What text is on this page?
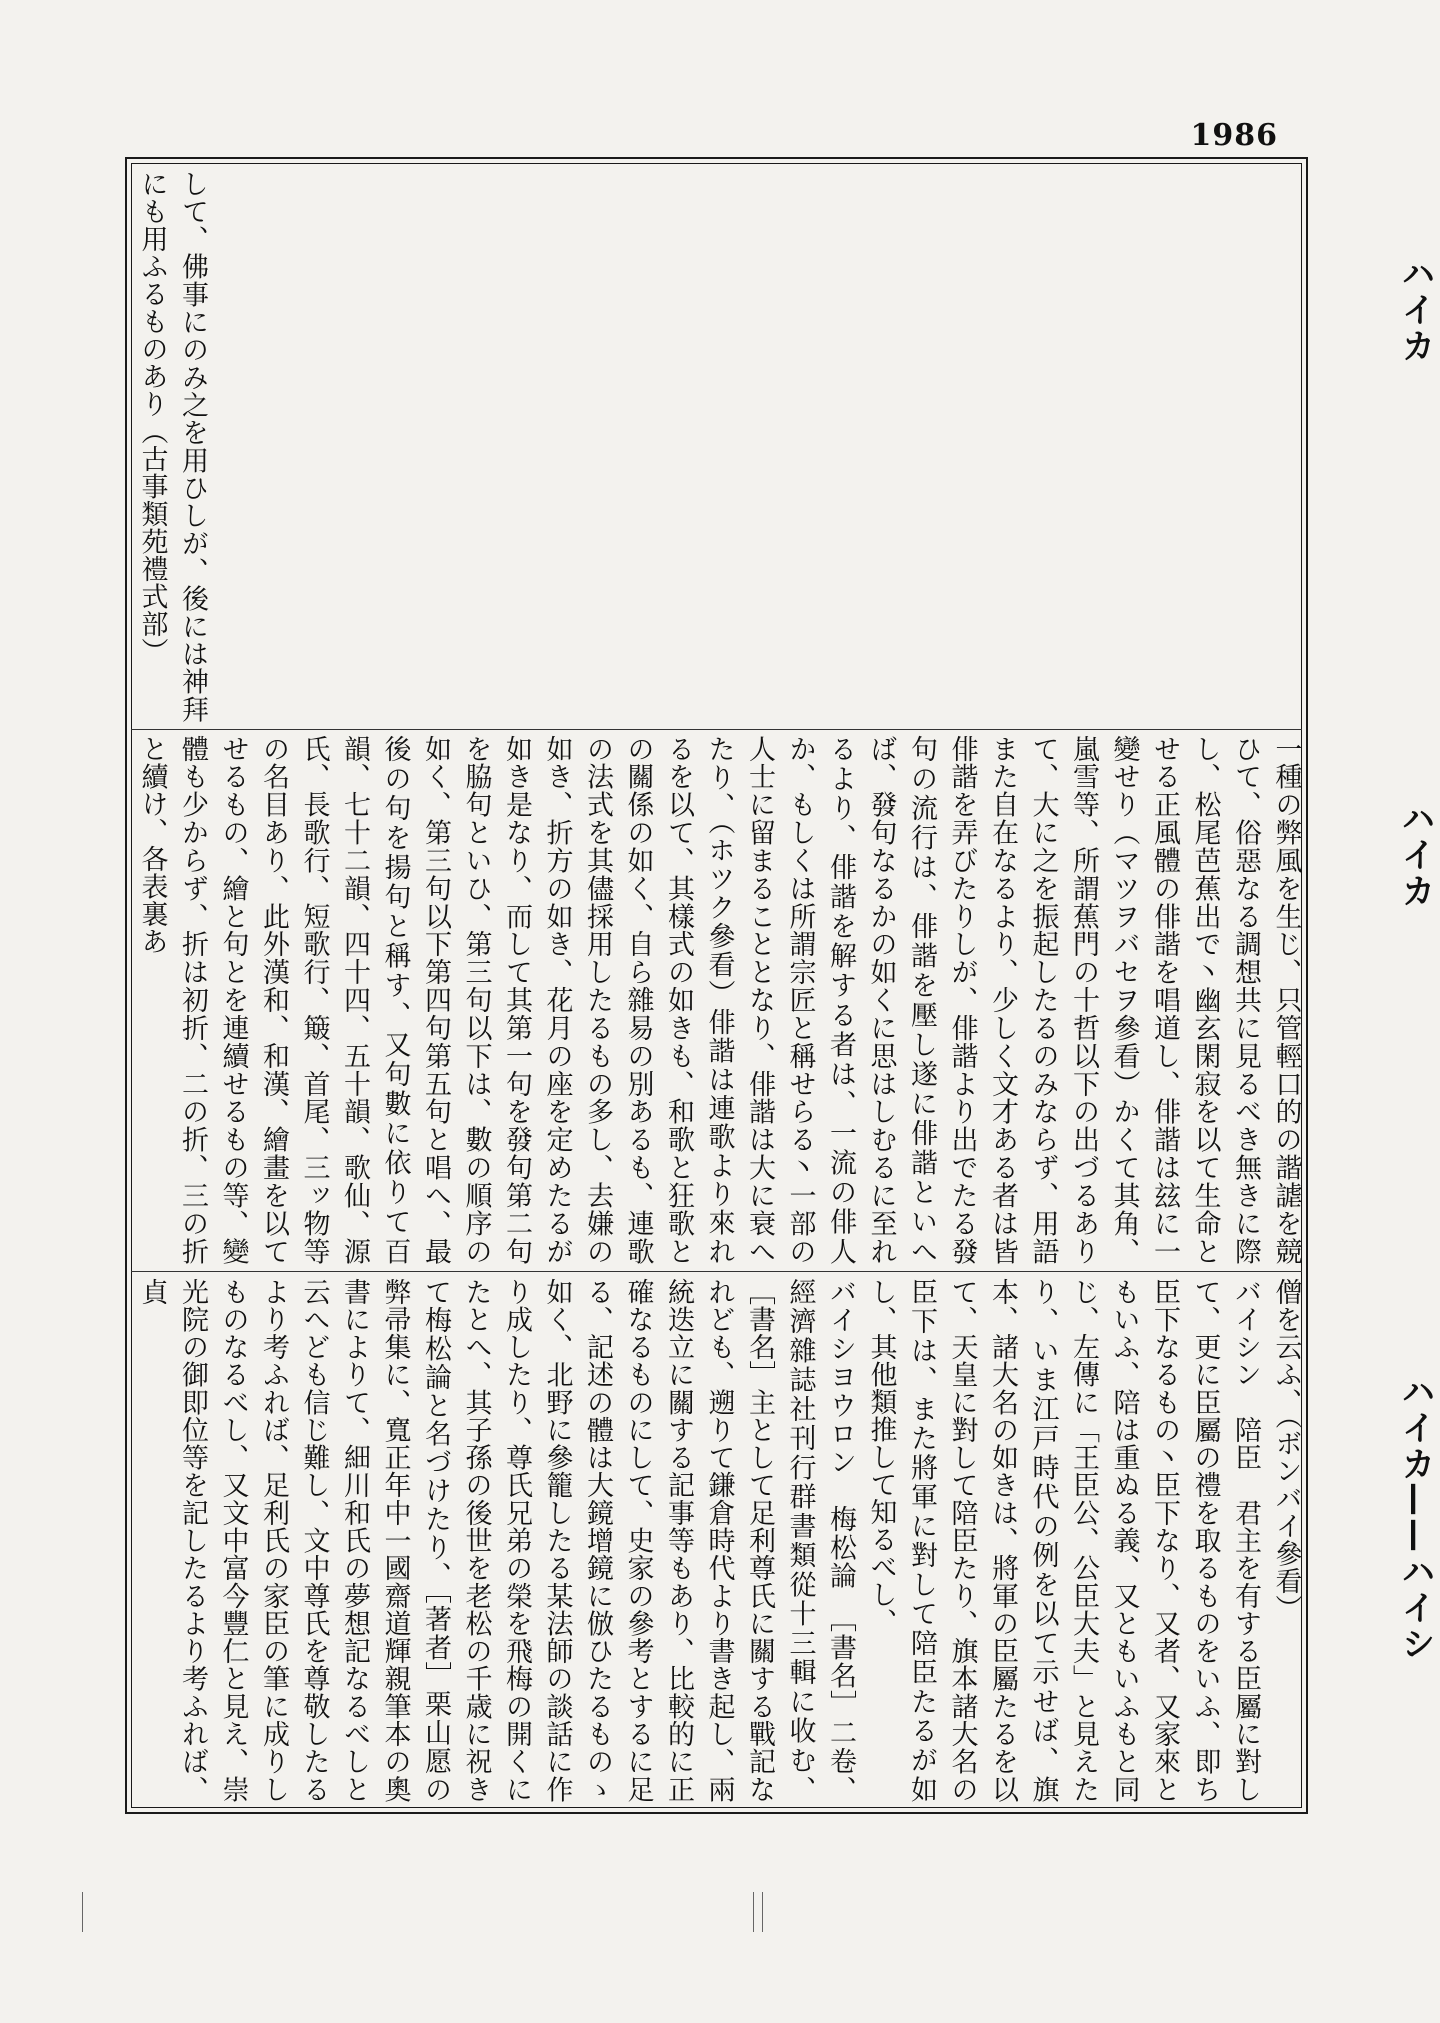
1986
ハイカ
ハイカ
ハイカ——ハイシ

して、佛事にのみ之を用ひしが、後には神拜にも用ふるものあり（古事類苑禮式部）

一種の弊風を生じ、只管輕口的の諧謔を競ひて、俗惡なる調想共に見るべき無きに際し、松尾芭蕉出で丶幽玄閑寂を以て生命とせる正風體の俳諧を唱道し、俳諧は玆に一變せり（マツヲバセヲ參看）かくて其角、嵐雪等、所謂蕉門の十哲以下の出づるありて、大に之を振起したるのみならず、用語また自在なるより、少しく文才ある者は皆俳諧を弄びたりしが、俳諧より出でたる發句の流行は、俳諧を壓し遂に俳諧といへば、發句なるかの如くに思はしむるに至れるより、俳諧を解する者は、一流の俳人か、もしくは所謂宗匠と稱せらる丶一部の人士に留まることとなり、俳諧は大に衰へたり、（ホツク參看）俳諧は連歌より來れるを以て、其樣式の如きも、和歌と狂歌との關係の如く、自ら雜易の別あるも、連歌の法式を其儘採用したるもの多し、去嫌の如き、折方の如き、花月の座を定めたるが如き是なり、而して其第一句を發句第二句を脇句といひ、第三句以下は、數の順序の如く、第三句以下第四句第五句と唱へ、最後の句を揚句と稱す、又句數に依りて百韻、七十二韻、四十四、五十韻、歌仙、源氏、長歌行、短歌行、簸、首尾、三ッ物等の名目あり、此外漢和、和漢、繪畫を以てせるもの、繪と句とを連續せるもの等、變體も少からず、折は初折、二の折、三の折と續け、各表裏あ

　　僧を云ふ、（ボンバイ參看）

バイシン　陪臣　君主を有する臣屬に對して、更に臣屬の禮を取るものをいふ、即ち臣下なるもの丶臣下なり、又者、又家來ともいふ、陪は重ぬる義、又ともいふもと同じ、左傳に「王臣公、公臣大夫」と見えたり、いま江戸時代の例を以て示せば、旗本、諸大名の如きは、將軍の臣屬たるを以て、天皇に對して陪臣たり、旗本諸大名の臣下は、また將軍に對して陪臣たるが如し、其他類推して知るべし、

バイシヨウロン　梅松論　［書名］二卷、經濟雜誌社刊行群書類從十三輯に收む、［書名］主として足利尊氏に關する戰記なれども、遡りて鎌倉時代より書き起し、兩統迭立に關する記事等もあり、比較的に正確なるものにして、史家の參考とするに足る、記述の體は大鏡增鏡に倣ひたるものゝ如く、北野に參籠したる某法師の談話に作り成したり、尊氏兄弟の榮を飛梅の開くにたとへ、其子孫の後世を老松の千歳に祝きて梅松論と名づけたり、［著者］栗山愿の弊帚集に、寬正年中一國齋道輝親筆本の奧書によりて、細川和氏の夢想記なるべしと云へども信じ難し、文中尊氏を尊敬したるより考ふれば、足利氏の家臣の筆に成りしものなるべし、又文中富今豐仁と見え、崇光院の御即位等を記したるより考ふれば、貞
